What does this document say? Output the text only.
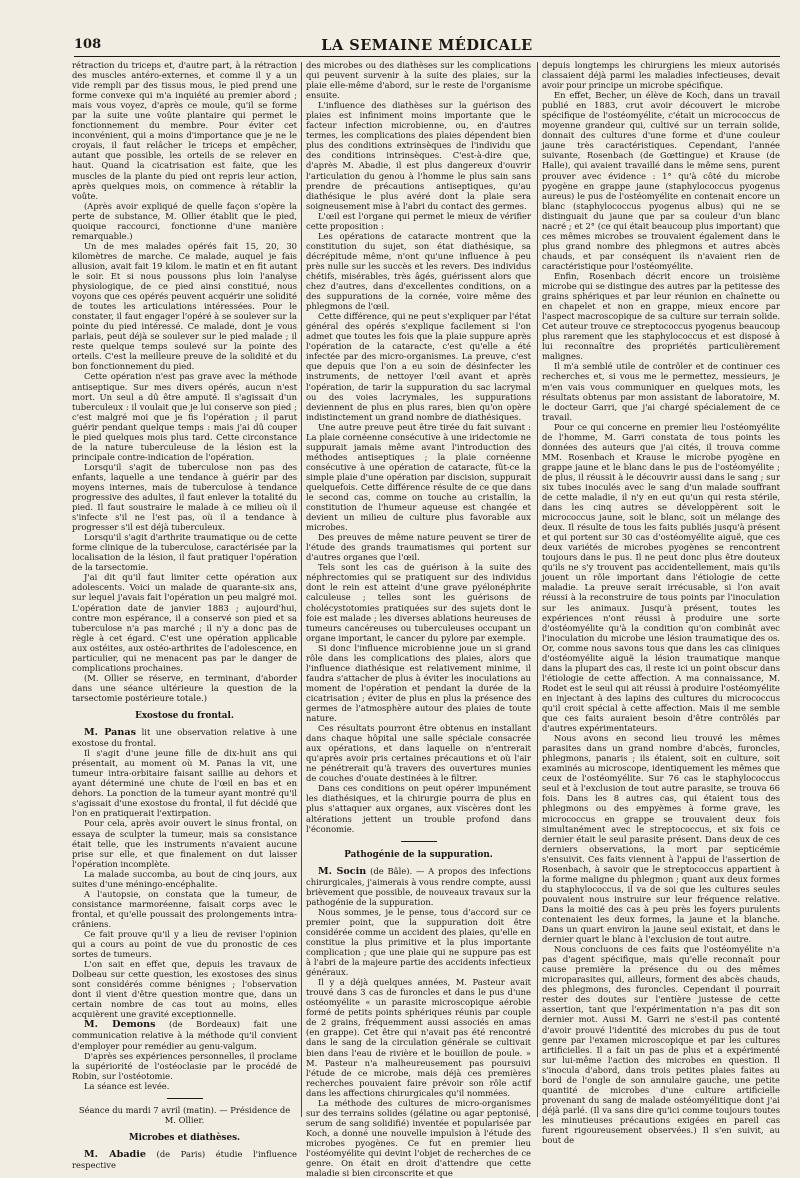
108	LA SEMAINE MÉDICALE

rétraction du triceps et, d'autre part, à la rétraction des muscles antéro-externes, et comme il y a un vide rempli par des tissus mous, le pied prend une forme convexe qui m'a inquiété au premier abord ; mais vous voyez, d'après ce moule, qu'il se forme par la suite une voûte plantaire qui permet le fonctionnement du membre. Pour éviter cet inconvénient, qui a moins d'importance que je ne le croyais, il faut relâcher le triceps et empêcher, autant que possible, les orteils de se relever en haut. Quand la cicatrisation est faite, que les muscles de la plante du pied ont repris leur action, après quelques mois, on commence à rétablir la voûte.

(Après avoir expliqué de quelle façon s'opère la perte de substance, M. Ollier établit que le pied, quoique raccourci, fonctionne d'une manière remarquable.)

Un de mes malades opérés fait 15, 20, 30 kilomètres de marche. Ce malade, auquel je fais allusion, avait fait 19 kilom. le matin et en fit autant le soir. Et si nous poussons plus loin l'analyse physiologique, de ce pied ainsi constitué, nous voyons que ces opérés peuvent acquérir une solidité de toutes les articulations intéressées. Pour le constater, il faut engager l'opéré à se soulever sur la pointe du pied intéressé. Ce malade, dont je vous parlais, peut déjà se soulever sur le pied malade ; il reste quelque temps soulevé sur la pointe des orteils. C'est la meilleure preuve de la solidité et du bon fonctionnement du pied.

Cette opération n'est pas grave avec la méthode antiseptique. Sur mes divers opérés, aucun n'est mort. Un seul a dû être amputé. Il s'agissait d'un tuberculeux : il voulait que je lui conserve son pied ; c'est malgré moi que je fis l'opération ; il parut guérir pendant quelque temps : mais j'ai dû couper le pied quelques mois plus tard. Cette circonstance de la nature tuberculeuse de la lésion est la principale contre-indication de l'opération.

Lorsqu'il s'agit de tuberculose non pas des enfants, laquelle a une tendance à guérir par des moyens internes, mais de tuberculose à tendance progressive des adultes, il faut enlever la totalité du pied. Il faut soustraire le malade à ce milieu où il s'infecte s'il ne l'est pas, où il a tendance à progresser s'il est déjà tuberculeux.

Lorsqu'il s'agit d'arthrite traumatique ou de cette forme clinique de la tuberculose, caractérisée par la localisation de la lésion, il faut pratiquer l'opération de la tarsectomie.

J'ai dit qu'il faut limiter cette opération aux adolescents. Voici un malade de quarante-six ans, sur lequel j'avais fait l'opération un peu malgré moi. L'opération date de janvier 1883 ; aujourd'hui, contre mon espérance, il a conservé son pied et sa tuberculose n'a pas marché ; il n'y a donc pas de règle à cet égard. C'est une opération applicable aux ostéites, aux ostéo-arthrites de l'adolescence, en particulier, qui ne menacent pas par le danger de complications prochaines.

(M. Ollier se réserve, en terminant, d'aborder dans une séance ultérieure la question de la tarsectomie postérieure totale.)

Exostose du frontal.

M. Panas lit une observation relative à une exostose du frontal.

Il s'agit d'une jeune fille de dix-huit ans qui présentait, au moment où M. Panas la vit, une tumeur intra-orbitaire faisant saillie au dehors et ayant déterminé une chute de l'œil en bas et en dehors. La ponction de la tumeur ayant montré qu'il s'agissait d'une exostose du frontal, il fut décidé que l'on en pratiquerait l'extirpation.

Pour cela, après avoir ouvert le sinus frontal, on essaya de sculpter la tumeur, mais sa consistance était telle, que les instruments n'avaient aucune prise sur elle, et que finalement on dut laisser l'opération incomplète.

La malade succomba, au bout de cinq jours, aux suites d'une méningo-encéphalite.

A l'autopsie, on constata que la tumeur, de consistance marmoréenne, faisait corps avec le frontal, et qu'elle poussait des prolongements intra-crâniens.

Ce fait prouve qu'il y a lieu de reviser l'opinion qui a cours au point de vue du pronostic de ces sortes de tumeurs.

L'on sait en effet que, depuis les travaux de Dolbeau sur cette question, les exostoses des sinus sont considérés comme bénignes ; l'observation dont il vient d'être question montre que, dans un certain nombre de cas tout au moins, elles acquièrent une gravité exceptionnelle.

M. Demons (de Bordeaux) fait une communication relative à la méthode qu'il convient d'employer pour remédier au genu-valgum.

D'après ses expériences personnelles, il proclame la supériorité de l'ostéoclasie par le procédé de Robin, sur l'ostéotomie.

La séance est levée.

Séance du mardi 7 avril (matin). — Présidence de M. Ollier.

Microbes et diathèses.

M. Abadie (de Paris) étudie l'influence respective

des microbes ou des diathèses sur les complications qui peuvent survenir à la suite des plaies, sur la plaie elle-même d'abord, sur le reste de l'organisme ensuite.

L'influence des diathèses sur la guérison des plaies est infiniment moins importante que le facteur infection microbienne, ou, en d'autres termes, les complications des plaies dépendent bien plus des conditions extrinsèques de l'individu que des conditions intrinsèques. C'est-à-dire que, d'après M. Abadie, il est plus dangereux d'ouvrir l'articulation du genou à l'homme le plus sain sans prendre de précautions antiseptiques, qu'au diathésique le plus avéré dont la plaie sera soigneusement mise à l'abri du contact des germes.

L'œil est l'organe qui permet le mieux de vérifier cette proposition :

Les opérations de cataracte montrent que la constitution du sujet, son état diathésique, sa décrépitude même, n'ont qu'une influence à peu près nulle sur les succès et les revers. Des individus chétifs, misérables, très âgés, guérissent alors que chez d'autres, dans d'excellentes conditions, on a des suppurations de la cornée, voire même des phlegmons de l'œil.

Cette différence, qui ne peut s'expliquer par l'état général des opérés s'explique facilement si l'on admet que toutes les fois que la plaie suppure après l'opération de la cataracte, c'est qu'elle a été infectée par des micro-organismes. La preuve, c'est que depuis que l'on a eu soin de désinfecter les instruments, de nettoyer l'œil avant et après l'opération, de tarir la suppuration du sac lacrymal ou des voies lacrymales, les suppurations deviennent de plus en plus rares, bien qu'on opère indistinctement un grand nombre de diathésiques.

Une autre preuve peut être tirée du fait suivant : La plaie cornéenne consécutive à une iridectomie ne suppurait jamais même avant l'introduction des méthodes antiseptiques ; la plaie cornéenne consécutive à une opération de cataracte, fût-ce la simple plaie d'une opération par discision, suppurait quelquefois. Cette différence résulte de ce que dans le second cas, comme on touche au cristallin, la constitution de l'humeur aqueuse est changée et devient un milieu de culture plus favorable aux microbes.

Des preuves de même nature peuvent se tirer de l'étude des grands traumatismes qui portent sur d'autres organes que l'œil.

Tels sont les cas de guérison à la suite des néphrectomies qui se pratiquent sur des individus dont le rein est atteint d'une grave pyélonéphrite calculeuse ; telles sont les guérisons de cholécystotomies pratiquées sur des sujets dont le foie est malade ; les diverses ablations heureuses de tumeurs cancéreuses ou tuberculeuses occupant un organe important, le cancer du pylore par exemple.

Si donc l'influence microbienne joue un si grand rôle dans les complications des plaies, alors que l'influence diathésique est relativement minime, il faudra s'attacher de plus à éviter les inoculations au moment de l'opération et pendant la durée de la cicatrisation ; éviter de plus en plus la présence des germes de l'atmosphère autour des plaies de toute nature.

Ces résultats pourront être obtenus en installant dans chaque hôpital une salle spéciale consacrée aux opérations, et dans laquelle on n'entrerait qu'après avoir pris certaines précautions et où l'air ne pénétrerait qu'à travers des ouvertures munies de couches d'ouate destinées à le filtrer.

Dans ces conditions on peut opérer impunément les diathésiques, et la chirurgie pourra de plus en plus s'attaquer aux organes, aux viscères dont les altérations jettent un trouble profond dans l'économie.

Pathogénie de la suppuration.

M. Socin (de Bâle). — A propos des infections chirurgicales, j'aimerais à vous rendre compte, aussi brièvement que possible, de nouveaux travaux sur la pathogénie de la suppuration.

Nous sommes, je le pense, tous d'accord sur ce premier point, que la suppuration doit être considérée comme un accident des plaies, qu'elle en constitue la plus primitive et la plus importante complication ; que une plaie qui ne suppure pas est à l'abri de la majeure partie des accidents infectieux généraux.

Il y a déjà quelques années, M. Pasteur avait trouvé dans 3 cas de furoncles et dans le pus d'une ostéomyélite « un parasite microscopique aérobie formé de petits points sphériques réunis par couple de 2 grains, fréquemment aussi associés en amas (en grappe). Cet être qui n'avait pas été rencontré dans le sang de la circulation générale se cultivait bien dans l'eau de rivière et le bouillon de poule. » M. Pasteur n'a malheureusement pas poursuivi l'étude de ce microbe, mais déjà ces premières recherches pouvaient faire prévoir son rôle actif dans les affections chirurgicales qu'il nommées.

La méthode des cultures de micro-organismes sur des terrains solides (gélatine ou agar peptonisé, serum de sang solidifié) inventée et popularisée par Koch, a donné une nouvelle impulsion à l'étude des microbes pyogènes. Ce fut en premier lieu l'ostéomyélite qui devint l'objet de recherches de ce genre. On était en droit d'attendre que cette maladie si bien circonscrite et que

depuis longtemps les chirurgiens les mieux autorisés classaient déjà parmi les maladies infectieuses, devait avoir pour principe un microbe spécifique.

En effet, Becher, un élève de Koch, dans un travail publié en 1883, crut avoir découvert le microbe spécifique de l'ostéomyélite, c'était un micrococcus de moyenne grandeur qui, cultivé sur un terrain solide, donnait des cultures d'une forme et d'une couleur jaune très caractéristiques. Cependant, l'année suivante, Rosenbach (de Gœttingue) et Krause (de Halle), qui avaient travaillé dans le même sens, purent prouver avec évidence : 1° qu'à côté du microbe pyogène en grappe jaune (staphylococcus pyogenus aureus) le pus de l'ostéomyélite en contenait encore un blanc (staphylococcus pyogenus albus) qui ne se distinguait du jaune que par sa couleur d'un blanc nacré ; et 2° (ce qui était beaucoup plus important) que ces mêmes microbes se trouvaient également dans le plus grand nombre des phlegmons et autres abcès chauds, et par conséquent ils n'avaient rien de caractéristique pour l'ostéomyélite.

Enfin, Rosenbach décrit encore un troisième microbe qui se distingue des autres par la petitesse des grains sphériques et par leur réunion en chaînette ou en chapelet et non en grappe, mieux encore par l'aspect macroscopique de sa culture sur terrain solide. Cet auteur trouve ce streptococcus pyogenus beaucoup plus rarement que les staphylococcus et est disposé à lui reconnaître des propriétés particulièrement malignes.

Il m'a semblé utile de contrôler et de continuer ces recherches et, si vous me le permettez, messieurs, je m'en vais vous communiquer en quelques mots, les résultats obtenus par mon assistant de laboratoire, M. le docteur Garri, que j'ai chargé spécialement de ce travail.

Pour ce qui concerne en premier lieu l'ostéomyélite de l'homme, M. Garri constata de tous points les données des auteurs que j'ai cités, il trouva comme MM. Rosenbach et Krause le microbe pyogène en grappe jaune et le blanc dans le pus de l'ostéomyélite ; de plus, il réussit à le découvrir aussi dans le sang ; sur six tubes inoculés avec le sang d'un malade souffrant de cette maladie, il n'y en eut qu'un qui resta stérile, dans les cinq autres se développèrent soit le micrococcus jaune, soit le blanc, soit un mélange des deux. Il résulte de tous les faits publiés jusqu'à présent et qui portent sur 30 cas d'ostéomyélite aiguë, que ces deux variétés de microbes pyogènes se rencontrent toujours dans le pus. Il ne peut donc plus être douteux qu'ils ne s'y trouvent pas accidentellement, mais qu'ils jouent un rôle important dans l'étiologie de cette maladie. La preuve serait irrécusable, si l'on avait réussi à la reconstruire de tous points par l'inoculation sur les animaux. Jusqu'à présent, toutes les expériences n'ont réussi à produire une sorte d'ostéomyélite qu'à la condition qu'on combinât avec l'inoculation du microbe une lésion traumatique des os. Or, comme nous savons tous que dans les cas cliniques d'ostéomyélite aiguë la lésion traumatique manque dans la plupart des cas, il reste ici un point obscur dans l'étiologie de cette affection. A ma connaissance, M. Rodet est le seul qui ait réussi à produire l'ostéomyélite en injectant à des lapins des cultures du micrococcus qu'il croit spécial à cette affection. Mais il me semble que ces faits auraient besoin d'être contrôlés par d'autres expérimentateurs.

Nous avons en second lieu trouvé les mêmes parasites dans un grand nombre d'abcès, furoncles, phlegmons, panaris ; ils étaient, soit en culture, soit examinés au microscope, identiquement les mêmes que ceux de l'ostéomyélite. Sur 76 cas le staphylococcus seul et à l'exclusion de tout autre parasite, se trouva 66 fois. Dans les 8 autres cas, qui étaient tous des phlegmons ou des empyèmes à forme grave, les micrococcus en grappe se trouvaient deux fois simultanément avec le streptococcus, et six fois ce dernier était le seul parasite présent. Dans deux de ces derniers observations, la mort par septicémie s'ensuivit. Ces faits viennent à l'appui de l'assertion de Rosenbach, à savoir que le streptococcus appartient à la forme maligne du phlegmon ; quant aux deux formes du staphylococcus, il va de soi que les cultures seules pouvaient nous instruire sur leur fréquence relative. Dans la moitié des cas à peu près les foyers purulents contenaient les deux formes, la jaune et la blanche. Dans un quart environ la jaune seul existait, et dans le dernier quart le blanc à l'exclusion de tout autre.

Nous concluons de ces faits que l'ostéomyélite n'a pas d'agent spécifique, mais qu'elle reconnaît pour cause première la présence du ou des mêmes microparasites qui, ailleurs, forment des abcès chauds, des phlegmons, des furoncles. Cependant il pourrait rester des doutes sur l'entière justesse de cette assertion, tant que l'expérimentation n'a pas dit son dernier mot. Aussi M. Garri ne s'est-il pas contenté d'avoir prouvé l'identité des microbes du pus de tout genre par l'examen microscopique et par les cultures artificielles. Il a fait un pas de plus et a expérimenté sur lui-même l'action des microbes en question. Il s'inocula d'abord, dans trois petites plaies faites au bord de l'ongle de son annulaire gauche, une petite quantité de microbes d'une culture artificielle provenant du sang de malade ostéomyélitique dont j'ai déjà parlé. (Il va sans dire qu'ici comme toujours toutes les minutieuses précautions exigées en pareil cas furent rigoureusement observées.) Il s'en suivit, au bout de
